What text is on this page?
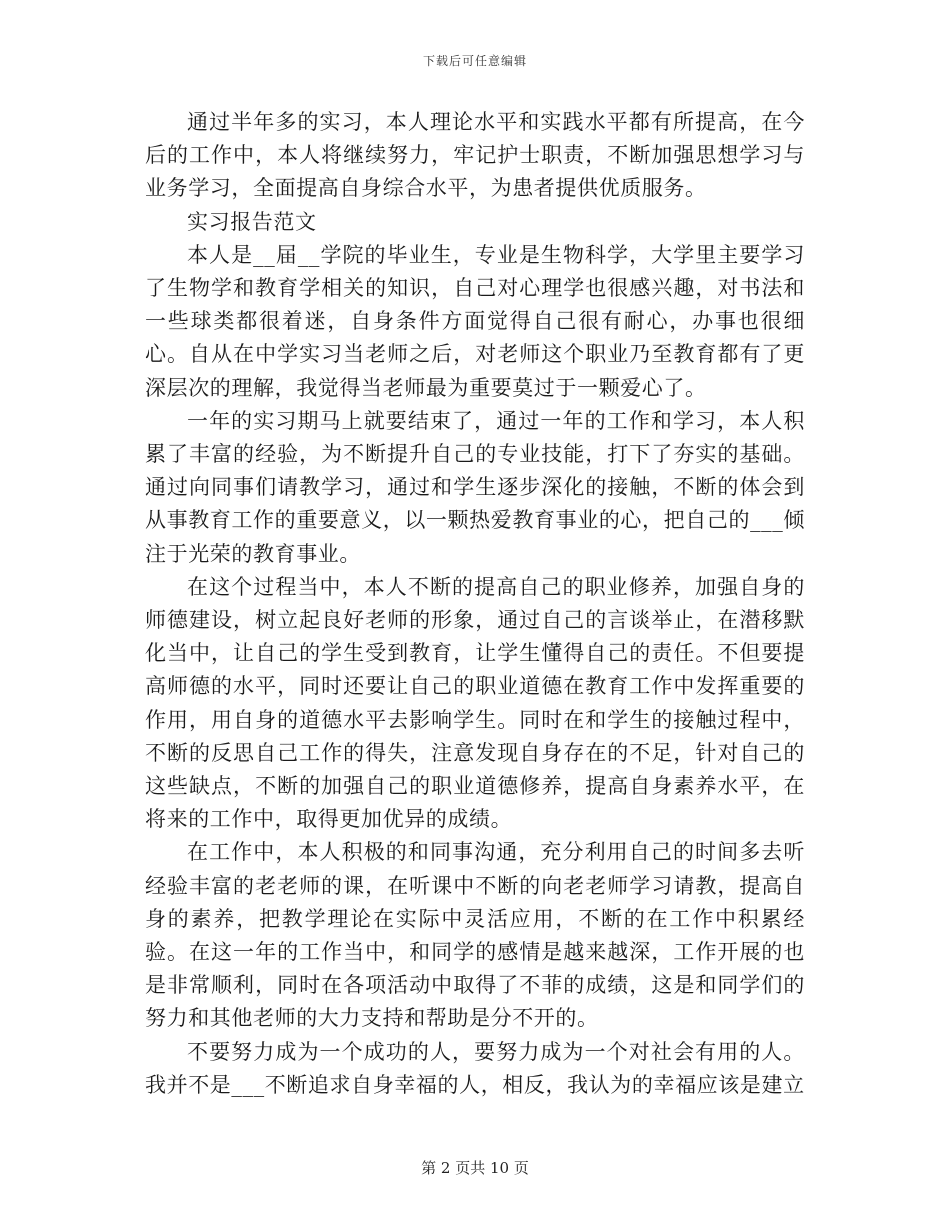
下载后可任意编辑

通过半年多的实习，本人理论水平和实践水平都有所提高，在今后的工作中，本人将继续努力，牢记护士职责，不断加强思想学习与业务学习，全面提高自身综合水平，为患者提供优质服务。

实习报告范文

本人是__届__学院的毕业生，专业是生物科学，大学里主要学习了生物学和教育学相关的知识，自己对心理学也很感兴趣，对书法和一些球类都很着迷，自身条件方面觉得自己很有耐心，办事也很细心。自从在中学实习当老师之后，对老师这个职业乃至教育都有了更深层次的理解，我觉得当老师最为重要莫过于一颗爱心了。

一年的实习期马上就要结束了，通过一年的工作和学习，本人积累了丰富的经验，为不断提升自己的专业技能，打下了夯实的基础。通过向同事们请教学习，通过和学生逐步深化的接触，不断的体会到从事教育工作的重要意义，以一颗热爱教育事业的心，把自己的___倾注于光荣的教育事业。

在这个过程当中，本人不断的提高自己的职业修养，加强自身的师德建设，树立起良好老师的形象，通过自己的言谈举止，在潜移默化当中，让自己的学生受到教育，让学生懂得自己的责任。不但要提高师德的水平，同时还要让自己的职业道德在教育工作中发挥重要的作用，用自身的道德水平去影响学生。同时在和学生的接触过程中，不断的反思自己工作的得失，注意发现自身存在的不足，针对自己的这些缺点，不断的加强自己的职业道德修养，提高自身素养水平，在将来的工作中，取得更加优异的成绩。

在工作中，本人积极的和同事沟通，充分利用自己的时间多去听经验丰富的老老师的课，在听课中不断的向老老师学习请教，提高自身的素养，把教学理论在实际中灵活应用，不断的在工作中积累经验。在这一年的工作当中，和同学的感情是越来越深，工作开展的也是非常顺利，同时在各项活动中取得了不菲的成绩，这是和同学们的努力和其他老师的大力支持和帮助是分不开的。

不要努力成为一个成功的人，要努力成为一个对社会有用的人。我并不是___不断追求自身幸福的人，相反，我认为的幸福应该是建立

第 2 页共 10 页
